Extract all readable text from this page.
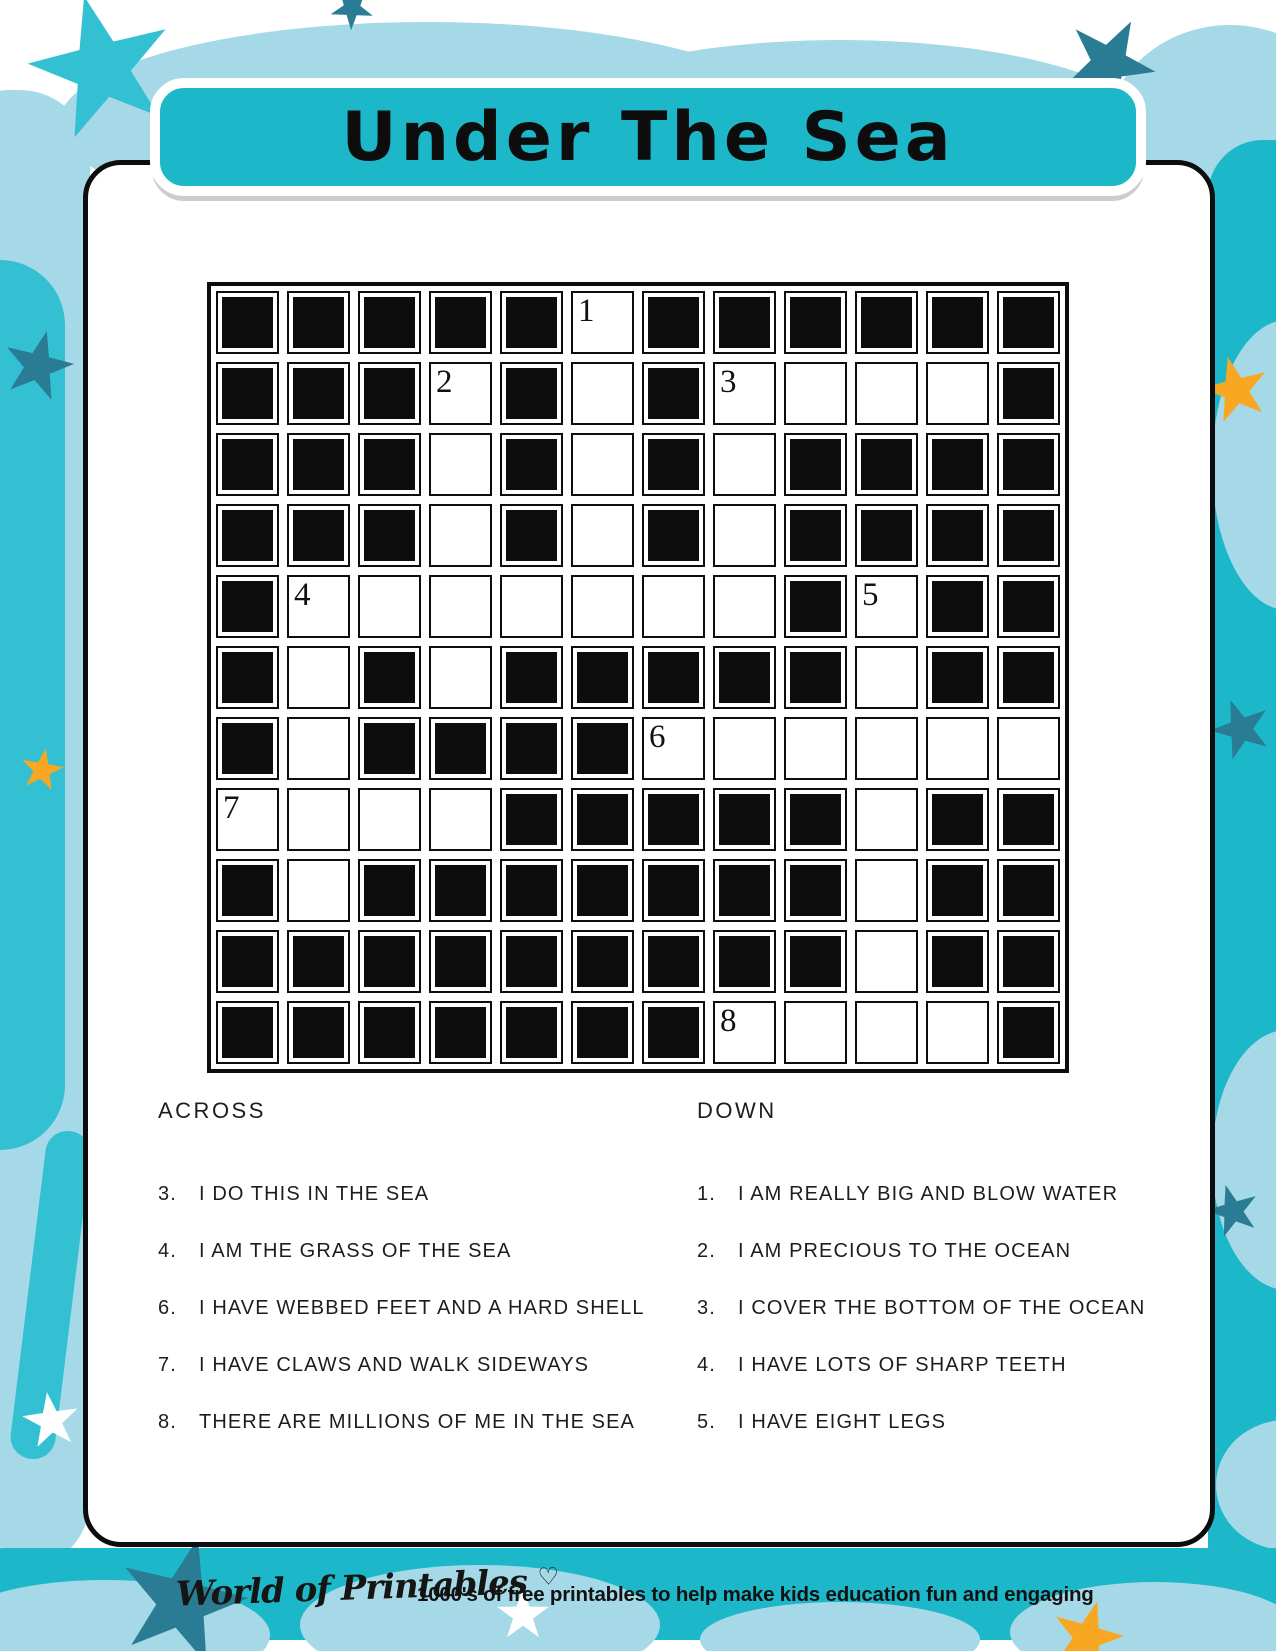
Under The Sea
1
2	3
4	5
6
7
8
ACROSS	DOWN
3.	I DO THIS IN THE SEA
4.	I AM THE GRASS OF THE SEA
6.	I HAVE WEBBED FEET AND A HARD SHELL
7.	I HAVE CLAWS AND WALK SIDEWAYS
8.	THERE ARE MILLIONS OF ME IN THE SEA
1.	I AM REALLY BIG AND BLOW WATER
2.	I AM PRECIOUS TO THE OCEAN
3.	I COVER THE BOTTOM OF THE OCEAN
4.	I HAVE LOTS OF SHARP TEETH
5.	I HAVE EIGHT LEGS
World of Printables ♡
1000's of free printables to help make kids education fun and engaging
